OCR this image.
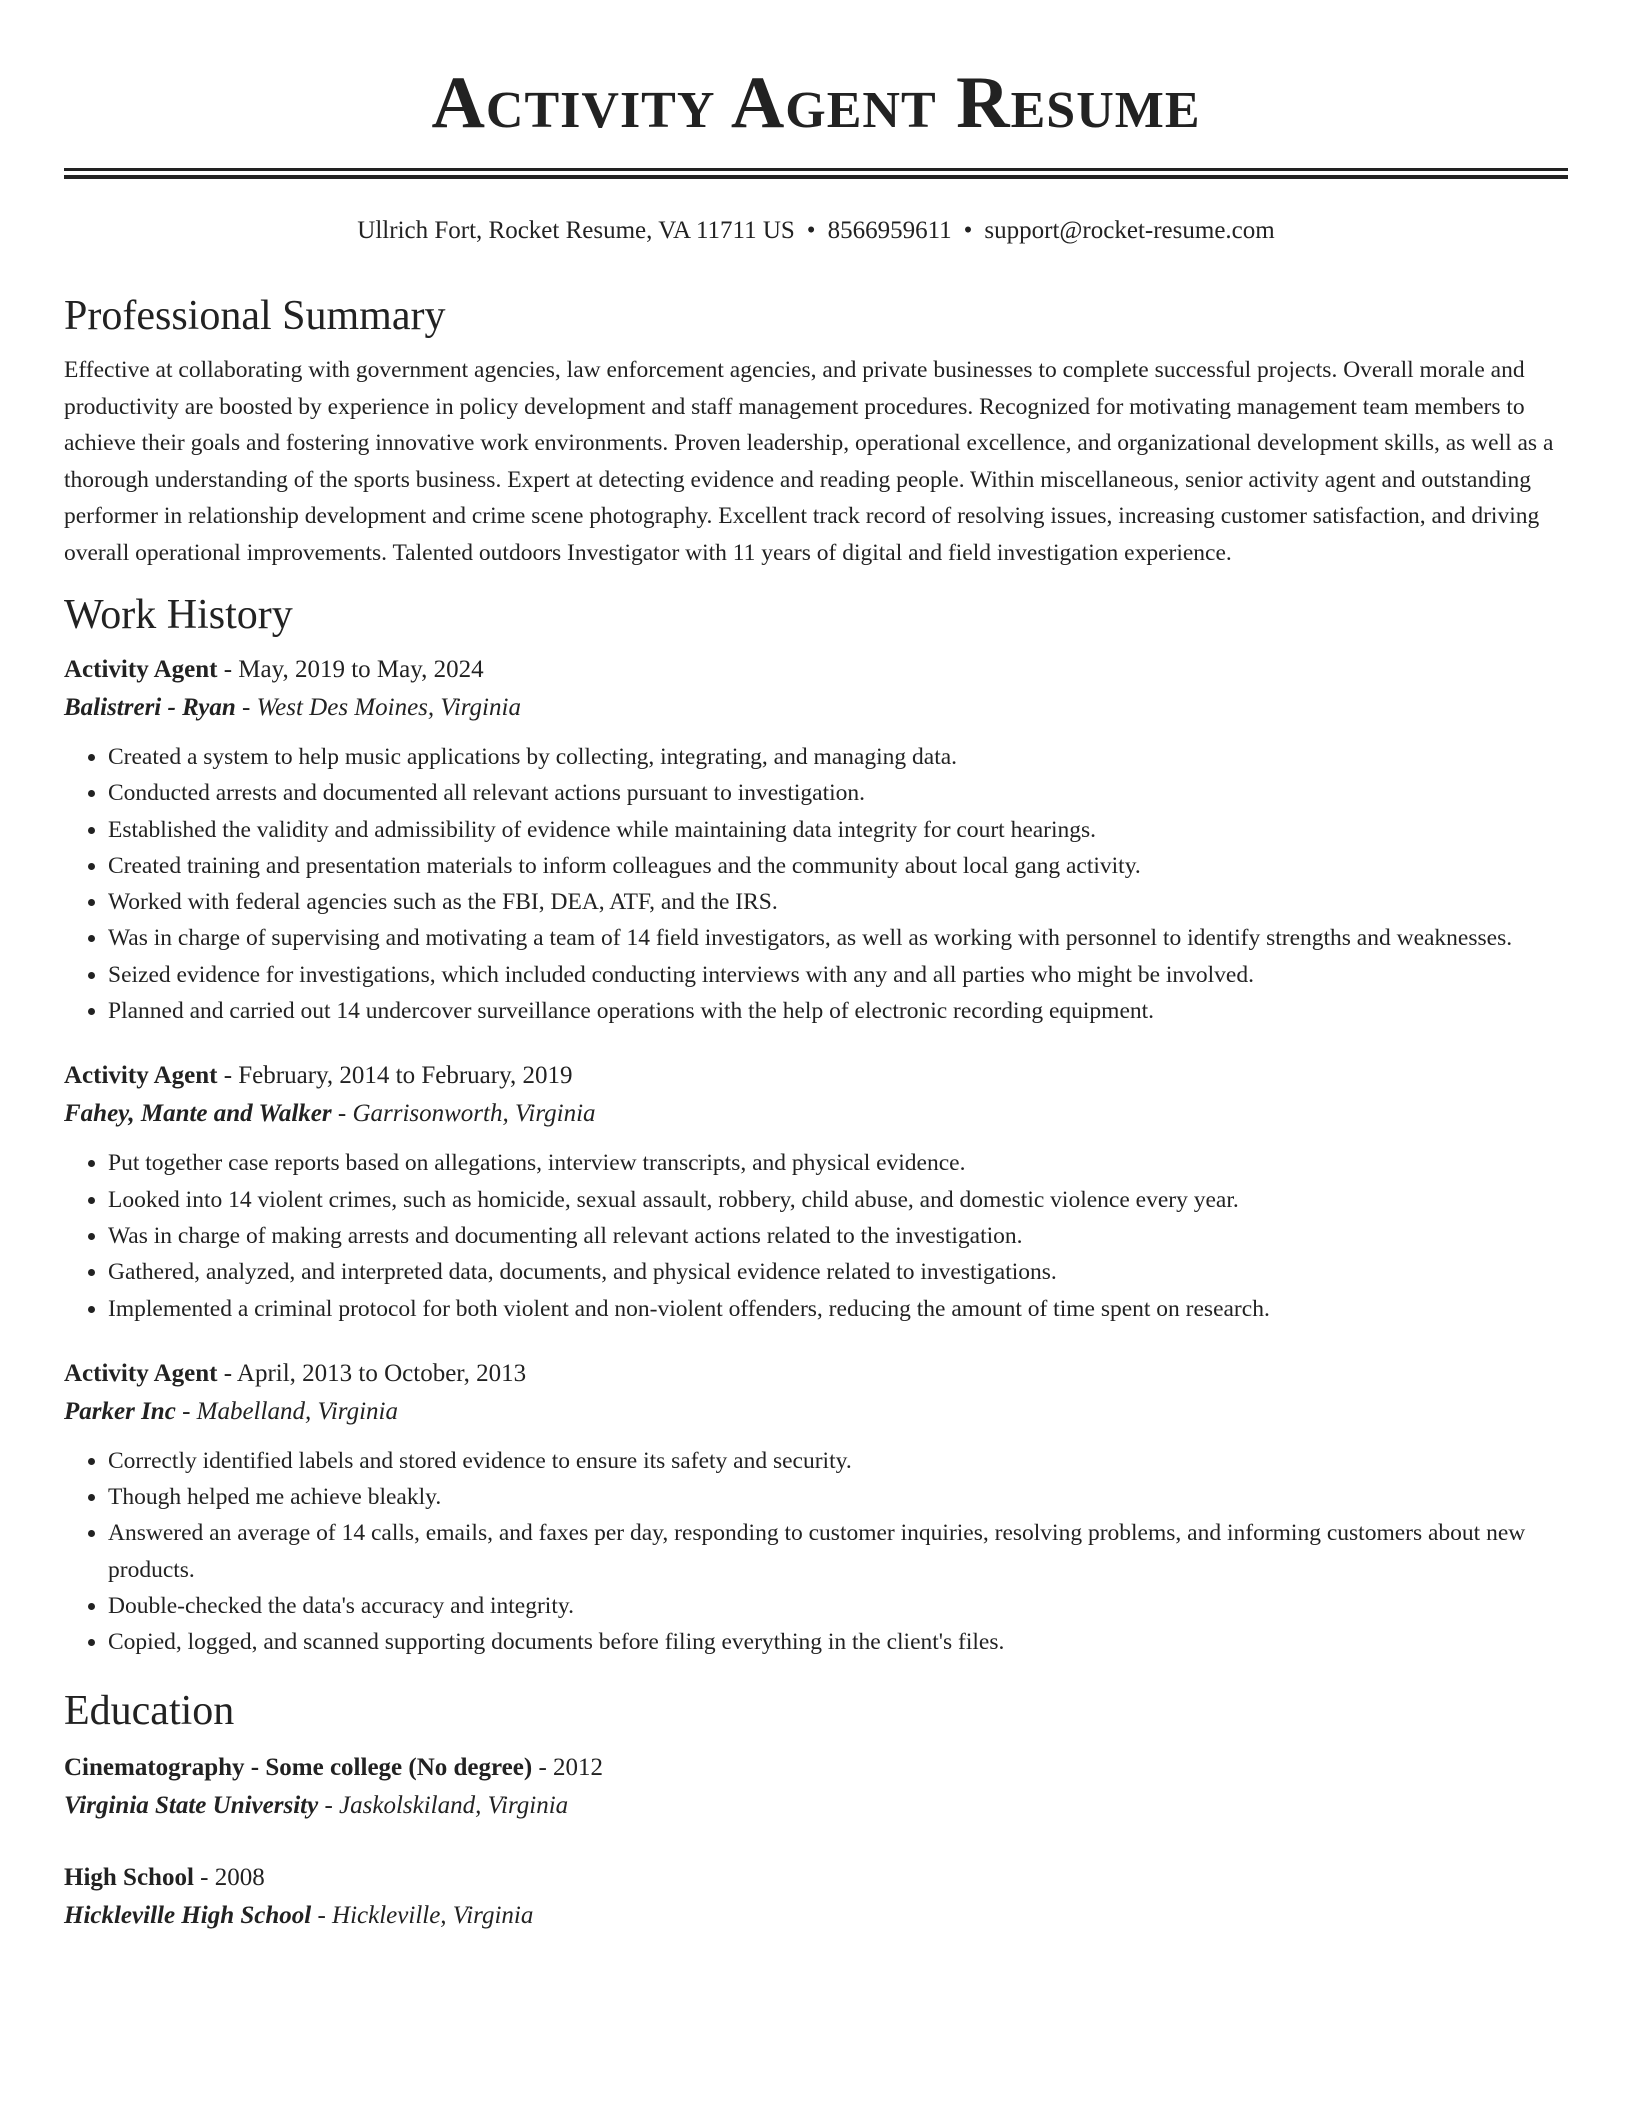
Activity Agent Resume
Ullrich Fort, Rocket Resume, VA 11711 US • 8566959611 • support@rocket-resume.com
Professional Summary

Effective at collaborating with government agencies, law enforcement agencies, and private businesses to complete successful projects. Overall morale and productivity are boosted by experience in policy development and staff management procedures. Recognized for motivating management team members to achieve their goals and fostering innovative work environments. Proven leadership, operational excellence, and organizational development skills, as well as a thorough understanding of the sports business. Expert at detecting evidence and reading people. Within miscellaneous, senior activity agent and outstanding performer in relationship development and crime scene photography. Excellent track record of resolving issues, increasing customer satisfaction, and driving overall operational improvements. Talented outdoors Investigator with 11 years of digital and field investigation experience.

Work History
Activity Agent - May, 2019 to May, 2024
Balistreri - Ryan - West Des Moines, Virginia
• Created a system to help music applications by collecting, integrating, and managing data.
• Conducted arrests and documented all relevant actions pursuant to investigation.
• Established the validity and admissibility of evidence while maintaining data integrity for court hearings.
• Created training and presentation materials to inform colleagues and the community about local gang activity.
• Worked with federal agencies such as the FBI, DEA, ATF, and the IRS.
• Was in charge of supervising and motivating a team of 14 field investigators, as well as working with personnel to identify strengths and weaknesses.
• Seized evidence for investigations, which included conducting interviews with any and all parties who might be involved.
• Planned and carried out 14 undercover surveillance operations with the help of electronic recording equipment.
Activity Agent - February, 2014 to February, 2019
Fahey, Mante and Walker - Garrisonworth, Virginia
• Put together case reports based on allegations, interview transcripts, and physical evidence.
• Looked into 14 violent crimes, such as homicide, sexual assault, robbery, child abuse, and domestic violence every year.
• Was in charge of making arrests and documenting all relevant actions related to the investigation.
• Gathered, analyzed, and interpreted data, documents, and physical evidence related to investigations.
• Implemented a criminal protocol for both violent and non-violent offenders, reducing the amount of time spent on research.
Activity Agent - April, 2013 to October, 2013
Parker Inc - Mabelland, Virginia
• Correctly identified labels and stored evidence to ensure its safety and security.
• Though helped me achieve bleakly.
• Answered an average of 14 calls, emails, and faxes per day, responding to customer inquiries, resolving problems, and informing customers about new products.
• Double-checked the data's accuracy and integrity.
• Copied, logged, and scanned supporting documents before filing everything in the client's files.
Education
Cinematography - Some college (No degree) - 2012
Virginia State University - Jaskolskiland, Virginia
High School - 2008
Hickleville High School - Hickleville, Virginia
